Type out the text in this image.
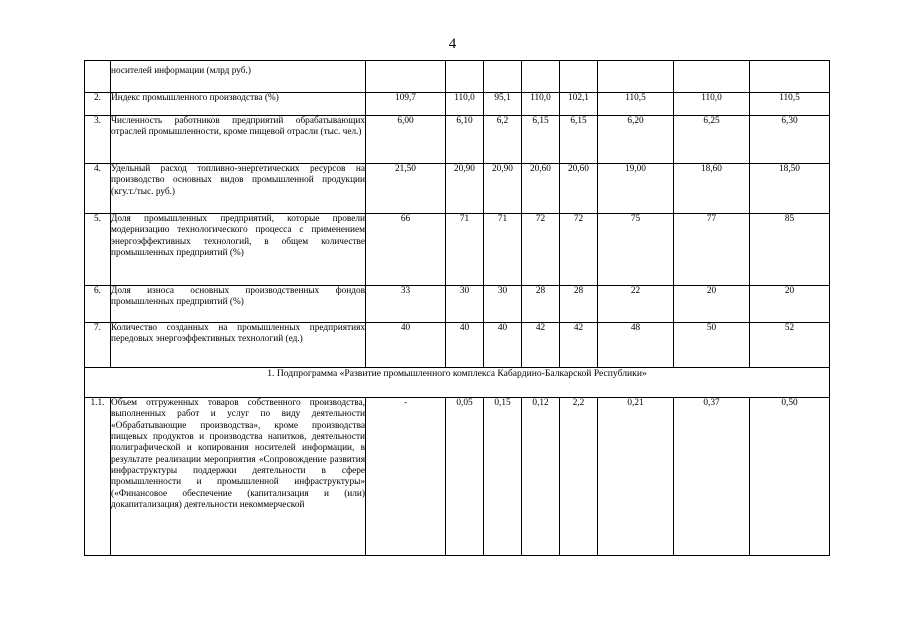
4
	носителей информации (млрд руб.)								
2.	Индекс промышленного производства (%)	109,7	110,0	95,1	110,0	102,1	110,5	110,0	110,5
3.	Численность работников предприятий обрабатывающих отраслей промышленности, кроме пищевой отрасли (тыс. чел.)	6,00	6,10	6,2	6,15	6,15	6,20	6,25	6,30
4.	Удельный расход топливно-энергетических ресурсов на производство основных видов промышленной продукции (кгу.т./тыс. руб.)	21,50	20,90	20,90	20,60	20,60	19,00	18,60	18,50
5.	Доля промышленных предприятий, которые провели модернизацию технологического процесса с применением энергоэффективных технологий, в общем количестве промышленных предприятий (%)	66	71	71	72	72	75	77	85
6.	Доля износа основных производственных фондов промышленных предприятий (%)	33	30	30	28	28	22	20	20
7.	Количество созданных на промышленных предприятиях передовых энергоэффективных технологий (ед.)	40	40	40	42	42	48	50	52
1. Подпрограмма «Развитие промышленного комплекса Кабардино-Балкарской Республики»									
1.1.	Объем отгруженных товаров собственного производства, выполненных работ и услуг по виду деятельности «Обрабатывающие производства», кроме производства пищевых продуктов и производства напитков, деятельности полиграфической и копирования носителей информации, в результате реализации мероприятия «Сопровождение развития инфраструктуры поддержки деятельности в сфере промышленности и промышленной инфраструктуры» («Финансовое обеспечение (капитализация и (или) докапитализация) деятельности некоммерческой	-	0,05	0,15	0,12	2,2	0,21	0,37	0,50
